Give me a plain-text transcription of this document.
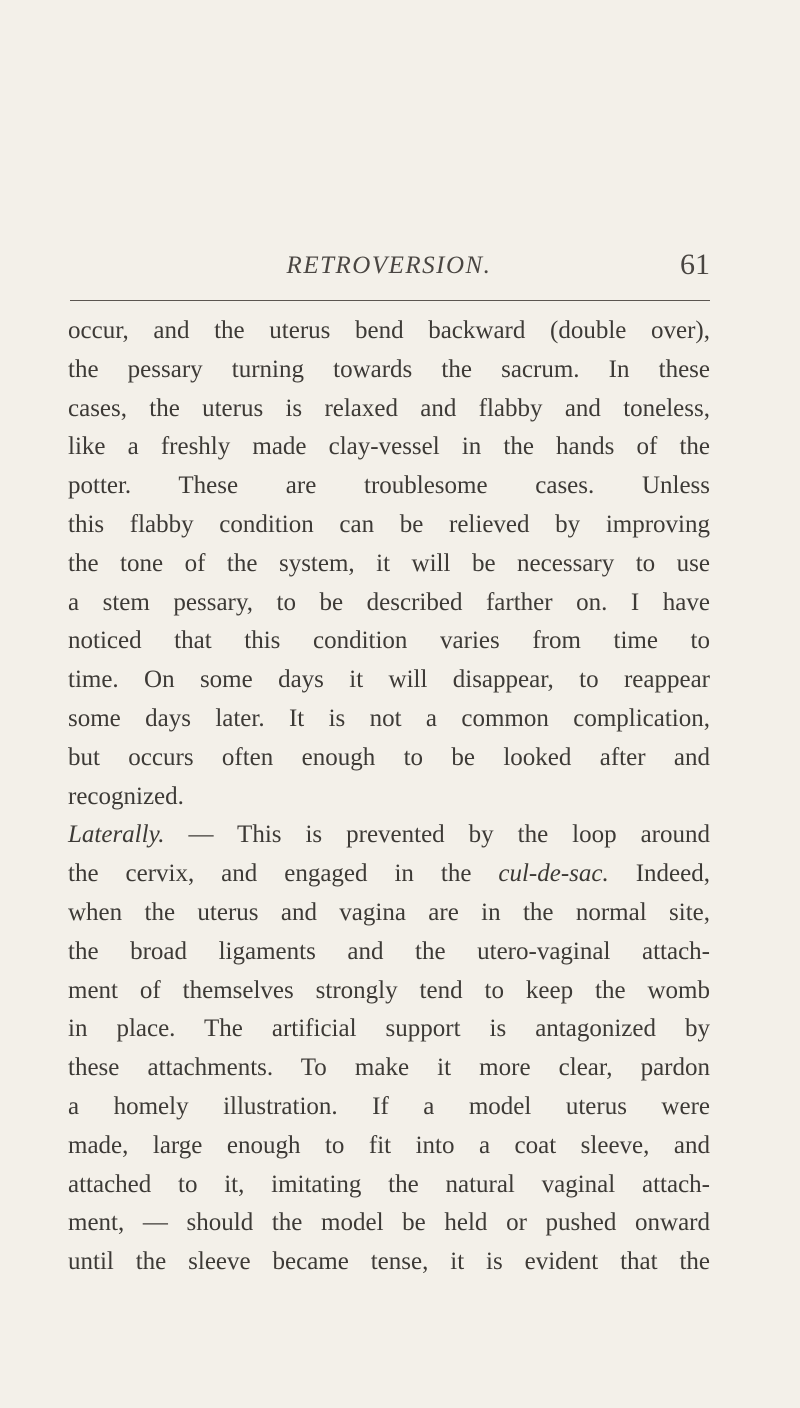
RETROVERSION.	61
occur, and the uterus bend backward (double over),
the pessary turning towards the sacrum. In these
cases, the uterus is relaxed and flabby and toneless,
like a freshly made clay-vessel in the hands of the
potter. These are troublesome cases. Unless
this flabby condition can be relieved by improving
the tone of the system, it will be necessary to use
a stem pessary, to be described farther on. I have
noticed that this condition varies from time to
time. On some days it will disappear, to reappear
some days later. It is not a common complication,
but occurs often enough to be looked after and
recognized.
Laterally. — This is prevented by the loop around
the cervix, and engaged in the cul-de-sac. Indeed,
when the uterus and vagina are in the normal site,
the broad ligaments and the utero-vaginal attach-
ment of themselves strongly tend to keep the womb
in place. The artificial support is antagonized by
these attachments. To make it more clear, pardon
a homely illustration. If a model uterus were
made, large enough to fit into a coat sleeve, and
attached to it, imitating the natural vaginal attach-
ment, — should the model be held or pushed onward
until the sleeve became tense, it is evident that the
